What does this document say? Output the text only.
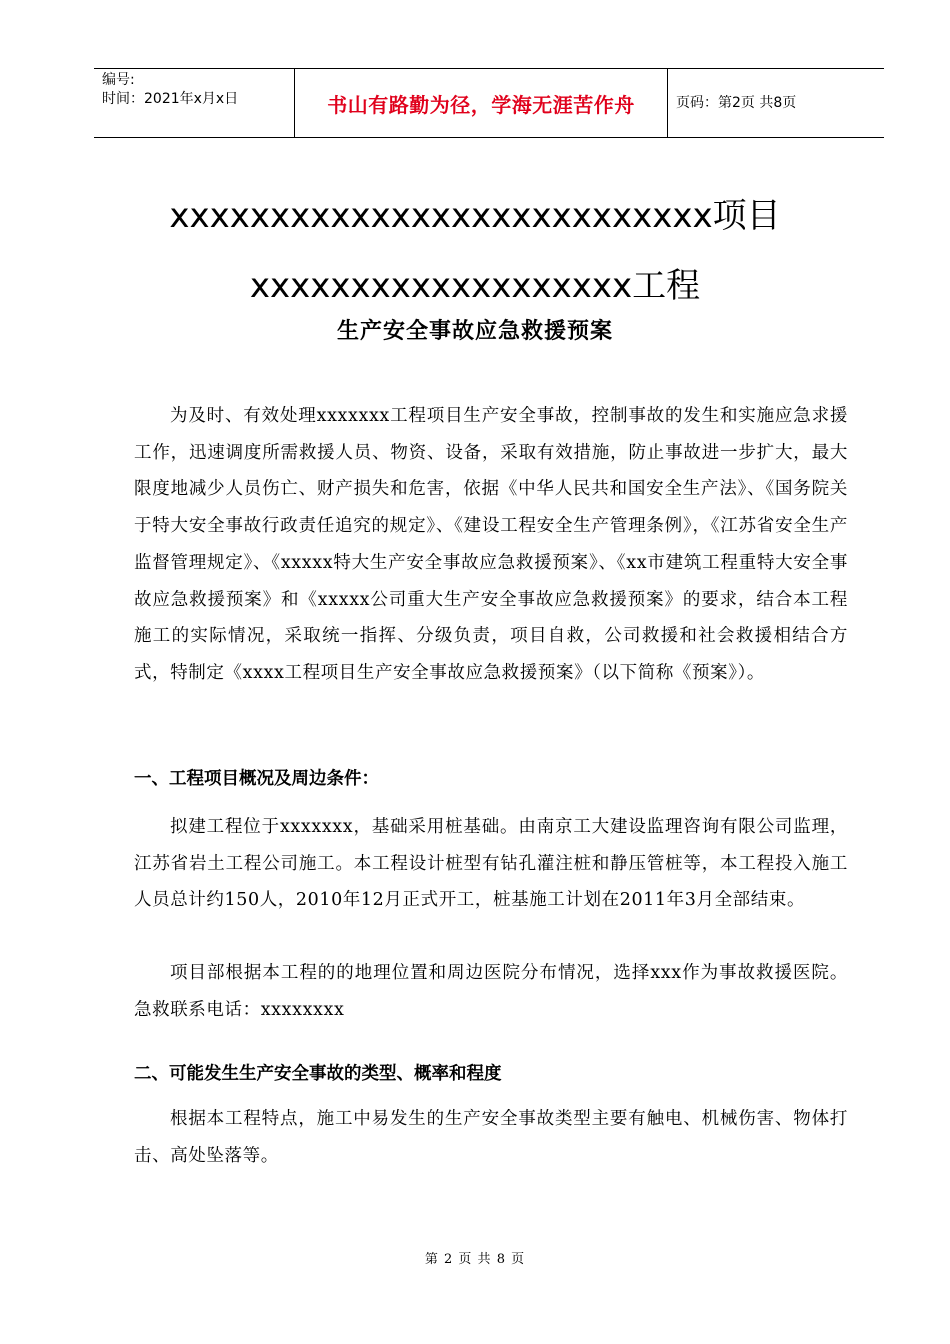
编号:
时间：2021年x月x日	书山有路勤为径，学海无涯苦作舟	页码：第2页 共8页
xxxxxxxxxxxxxxxxxxxxxxxxxxx项目
xxxxxxxxxxxxxxxxxxx工程
生产安全事故应急救援预案

为及时、有效处理xxxxxxx工程项目生产安全事故，控制事故的发生和实施应急求援工作，迅速调度所需救援人员、物资、设备，采取有效措施，防止事故进一步扩大，最大限度地减少人员伤亡、财产损失和危害，依据《中华人民共和国安全生产法》、《国务院关于特大安全事故行政责任追究的规定》、《建设工程安全生产管理条例》，《江苏省安全生产监督管理规定》、《xxxxx特大生产安全事故应急救援预案》、《xx市建筑工程重特大安全事故应急救援预案》和《xxxxx公司重大生产安全事故应急救援预案》的要求，结合本工程施工的实际情况，采取统一指挥、分级负责，项目自救，公司救援和社会救援相结合方式，特制定《xxxx工程项目生产安全事故应急救援预案》（以下简称《预案》）。

一、工程项目概况及周边条件：

拟建工程位于xxxxxxx，基础采用桩基础。由南京工大建设监理咨询有限公司监理，江苏省岩土工程公司施工。本工程设计桩型有钻孔灌注桩和静压管桩等，本工程投入施工人员总计约150人，2010年12月正式开工，桩基施工计划在2011年3月全部结束。

项目部根据本工程的的地理位置和周边医院分布情况，选择xxx作为事故救援医院。急救联系电话：xxxxxxxx

二、可能发生生产安全事故的类型、概率和程度

根据本工程特点，施工中易发生的生产安全事故类型主要有触电、机械伤害、物体打击、高处坠落等。

第 2 页 共 8 页
